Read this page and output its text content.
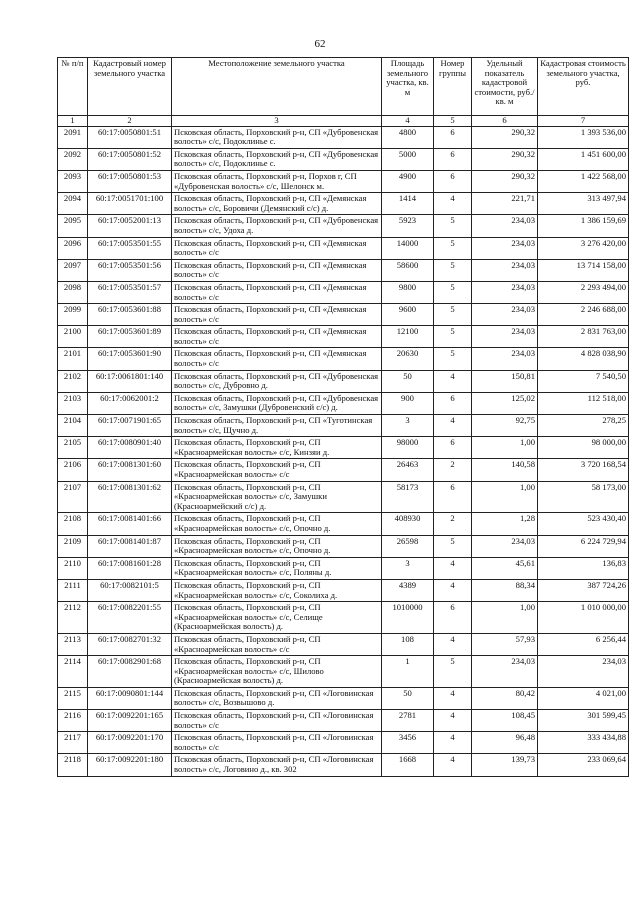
62
№ п/п	Кадастровый номер земельного участка	Местоположение земельного участка	Площадь земельного участка, кв. м	Номер группы	Удельный показатель кадастровой стоимости, руб./кв. м	Кадастровая стоимость земельного участка, руб.
1	2	3	4	5	6	7
2091	60:17:0050801:51	Псковская область, Порховский р-н, СП «Дубровенская волость» с/с, Подоклинье с.	4800	6	290,32	1 393 536,00
2092	60:17:0050801:52	Псковская область, Порховский р-н, СП «Дубровенская волость» с/с, Подоклинье с.	5000	6	290,32	1 451 600,00
2093	60:17:0050801:53	Псковская область, Порховский р-н, Порхов г, СП «Дубровенская волость» с/с, Шелонск м.	4900	6	290,32	1 422 568,00
2094	60:17:0051701:100	Псковская область, Порховский р-н, СП «Демянская волость» с/с, Боровичи (Демянский с/с) д.	1414	4	221,71	313 497,94
2095	60:17:0052001:13	Псковская область, Порховский р-н, СП «Дубровенская волость» с/с, Удоха д.	5923	5	234,03	1 386 159,69
2096	60:17:0053501:55	Псковская область, Порховский р-н, СП «Демянская волость» с/с	14000	5	234,03	3 276 420,00
2097	60:17:0053501:56	Псковская область, Порховский р-н, СП «Демянская волость» с/с	58600	5	234,03	13 714 158,00
2098	60:17:0053501:57	Псковская область, Порховский р-н, СП «Демянская волость» с/с	9800	5	234,03	2 293 494,00
2099	60:17:0053601:88	Псковская область, Порховский р-н, СП «Демянская волость» с/с	9600	5	234,03	2 246 688,00
2100	60:17:0053601:89	Псковская область, Порховский р-н, СП «Демянская волость» с/с	12100	5	234,03	2 831 763,00
2101	60:17:0053601:90	Псковская область, Порховский р-н, СП «Демянская волость» с/с	20630	5	234,03	4 828 038,90
2102	60:17:0061801:140	Псковская область, Порховский р-н, СП «Дубровенская волость» с/с, Дубровно д.	50	4	150,81	7 540,50
2103	60:17:0062001:2	Псковская область, Порховский р-н, СП «Дубровенская волость» с/с, Замушки (Дубровенский с/с) д.	900	6	125,02	112 518,00
2104	60:17:0071901:65	Псковская область, Порховский р-н, СП «Туготинская волость» с/с, Щучно д.	3	4	92,75	278,25
2105	60:17:0080901:40	Псковская область, Порховский р-н, СП «Красноармейская волость» с/с, Кинзяи д.	98000	6	1,00	98 000,00
2106	60:17:0081301:60	Псковская область, Порховский р-н, СП «Красноармейская волость» с/с	26463	2	140,58	3 720 168,54
2107	60:17:0081301:62	Псковская область, Порховский р-н, СП «Красноармейская волость» с/с, Замушки (Красноармейский с/с) д.	58173	6	1,00	58 173,00
2108	60:17:0081401:66	Псковская область, Порховский р-н, СП «Красноармейская волость» с/с, Опочно д.	408930	2	1,28	523 430,40
2109	60:17:0081401:87	Псковская область, Порховский р-н, СП «Красноармейская волость» с/с, Опочно д.	26598	5	234,03	6 224 729,94
2110	60:17:0081601:28	Псковская область, Порховский р-н, СП «Красноармейская волость» с/с, Поляны д.	3	4	45,61	136,83
2111	60:17:0082101:5	Псковская область, Порховский р-н, СП «Красноармейская волость» с/с, Соколиха д.	4389	4	88,34	387 724,26
2112	60:17:0082201:55	Псковская область, Порховский р-н, СП «Красноармейская волость» с/с, Селище (Красноармейская волость) д.	1010000	6	1,00	1 010 000,00
2113	60:17:0082701:32	Псковская область, Порховский р-н, СП «Красноармейская волость» с/с	108	4	57,93	6 256,44
2114	60:17:0082901:68	Псковская область, Порховский р-н, СП «Красноармейская волость» с/с, Шилово (Красноармейская волость) д.	1	5	234,03	234,03
2115	60:17:0090801:144	Псковская область, Порховский р-н, СП «Логовинская волость» с/с, Возвышово д.	50	4	80,42	4 021,00
2116	60:17:0092201:165	Псковская область, Порховский р-н, СП «Логовинская волость» с/с	2781	4	108,45	301 599,45
2117	60:17:0092201:170	Псковская область, Порховский р-н, СП «Логовинская волость» с/с	3456	4	96,48	333 434,88
2118	60:17:0092201:180	Псковская область, Порховский р-н, СП «Логовинская волость» с/с, Логовино д., кв. 302	1668	4	139,73	233 069,64
